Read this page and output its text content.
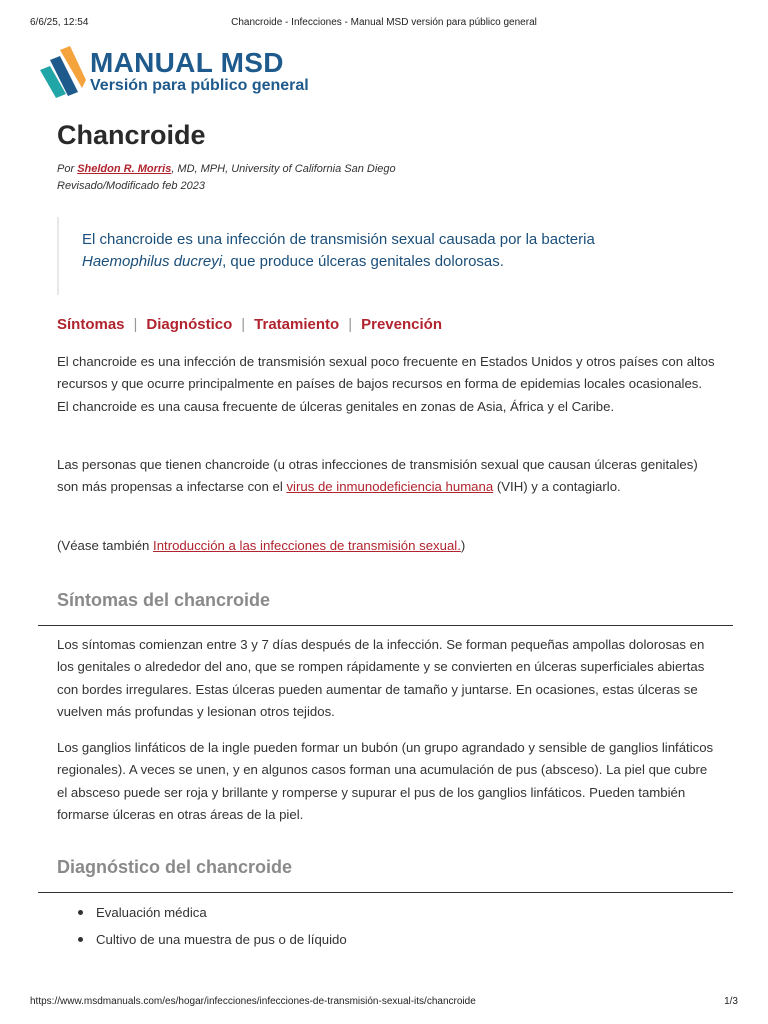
6/6/25, 12:54	Chancroide - Infecciones - Manual MSD versión para público general
MANUAL MSD
Versión para público general
Chancroide
Por Sheldon R. Morris, MD, MPH, University of California San Diego
Revisado/Modificado feb 2023
El chancroide es una infección de transmisión sexual causada por la bacteria
Haemophilus ducreyi, que produce úlceras genitales dolorosas.
Síntomas | Diagnóstico | Tratamiento | Prevención

El chancroide es una infección de transmisión sexual poco frecuente en Estados Unidos y otros países con altos recursos y que ocurre principalmente en países de bajos recursos en forma de epidemias locales ocasionales. El chancroide es una causa frecuente de úlceras genitales en zonas de Asia, África y el Caribe.

Las personas que tienen chancroide (u otras infecciones de transmisión sexual que causan úlceras genitales) son más propensas a infectarse con el virus de inmunodeficiencia humana (VIH) y a contagiarlo.

(Véase también Introducción a las infecciones de transmisión sexual.)

Síntomas del chancroide

Los síntomas comienzan entre 3 y 7 días después de la infección. Se forman pequeñas ampollas dolorosas en los genitales o alrededor del ano, que se rompen rápidamente y se convierten en úlceras superficiales abiertas con bordes irregulares. Estas úlceras pueden aumentar de tamaño y juntarse. En ocasiones, estas úlceras se vuelven más profundas y lesionan otros tejidos.

Los ganglios linfáticos de la ingle pueden formar un bubón (un grupo agrandado y sensible de ganglios linfáticos regionales). A veces se unen, y en algunos casos forman una acumulación de pus (absceso). La piel que cubre el absceso puede ser roja y brillante y romperse y supurar el pus de los ganglios linfáticos. Pueden también formarse úlceras en otras áreas de la piel.

Diagnóstico del chancroide
Evaluación médica
Cultivo de una muestra de pus o de líquido
https://www.msdmanuals.com/es/hogar/infecciones/infecciones-de-transmisión-sexual-its/chancroide	1/3
